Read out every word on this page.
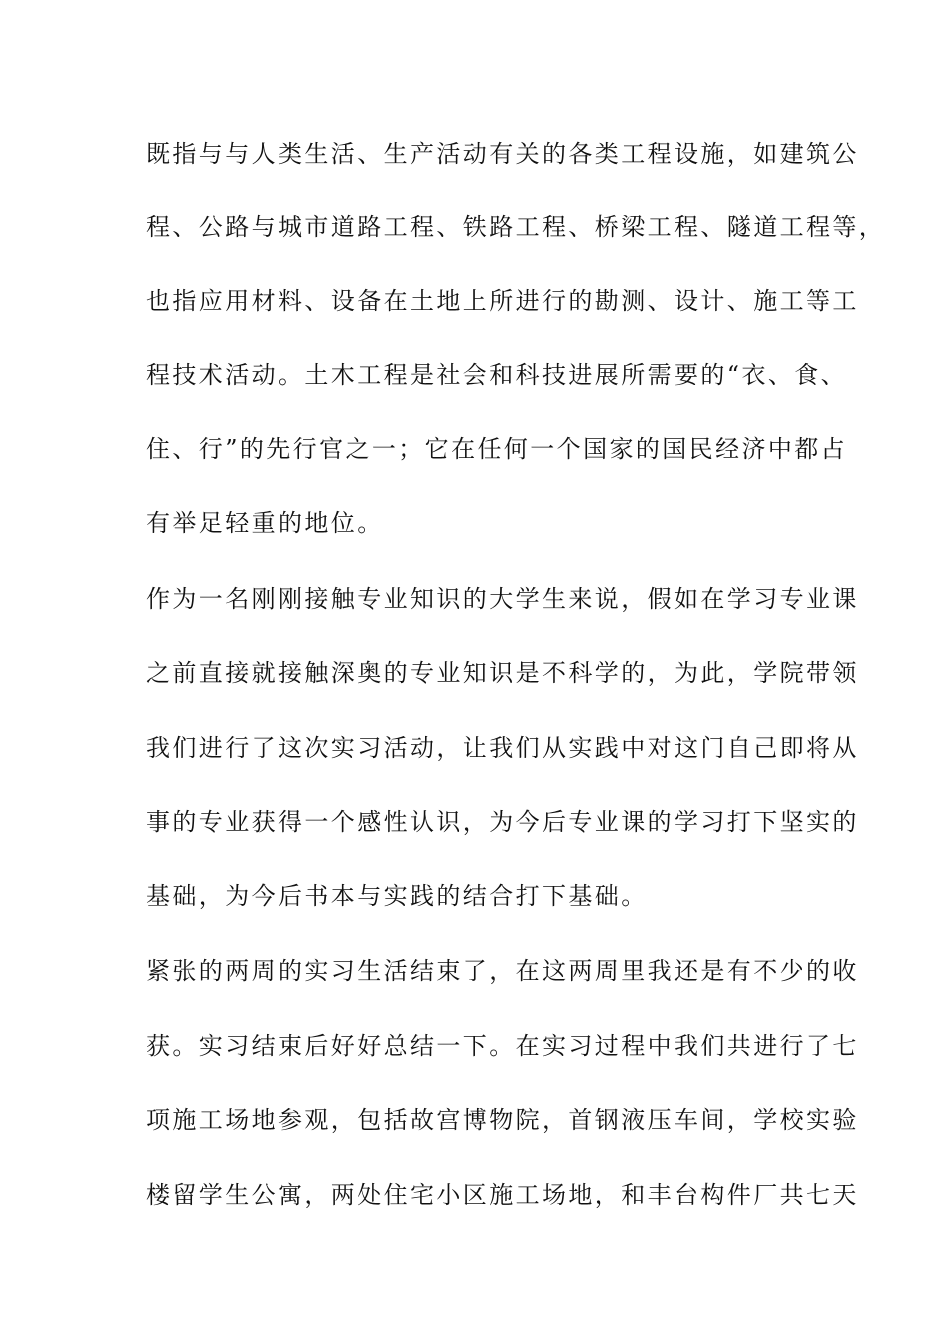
既指与与人类生活、生产活动有关的各类工程设施，如建筑公
程、公路与城市道路工程、铁路工程、桥梁工程、隧道工程等，
也指应用材料、设备在土地上所进行的勘测、设计、施工等工
程技术活动。土木工程是社会和科技进展所需要的“衣、食、
住、行”的先行官之一；它在任何一个国家的国民经济中都占
有举足轻重的地位。
作为一名刚刚接触专业知识的大学生来说，假如在学习专业课
之前直接就接触深奥的专业知识是不科学的，为此，学院带领
我们进行了这次实习活动，让我们从实践中对这门自己即将从
事的专业获得一个感性认识，为今后专业课的学习打下坚实的
基础，为今后书本与实践的结合打下基础。
紧张的两周的实习生活结束了，在这两周里我还是有不少的收
获。实习结束后好好总结一下。在实习过程中我们共进行了七
项施工场地参观，包括故宫博物院，首钢液压车间，学校实验
楼留学生公寓，两处住宅小区施工场地，和丰台构件厂共七天
